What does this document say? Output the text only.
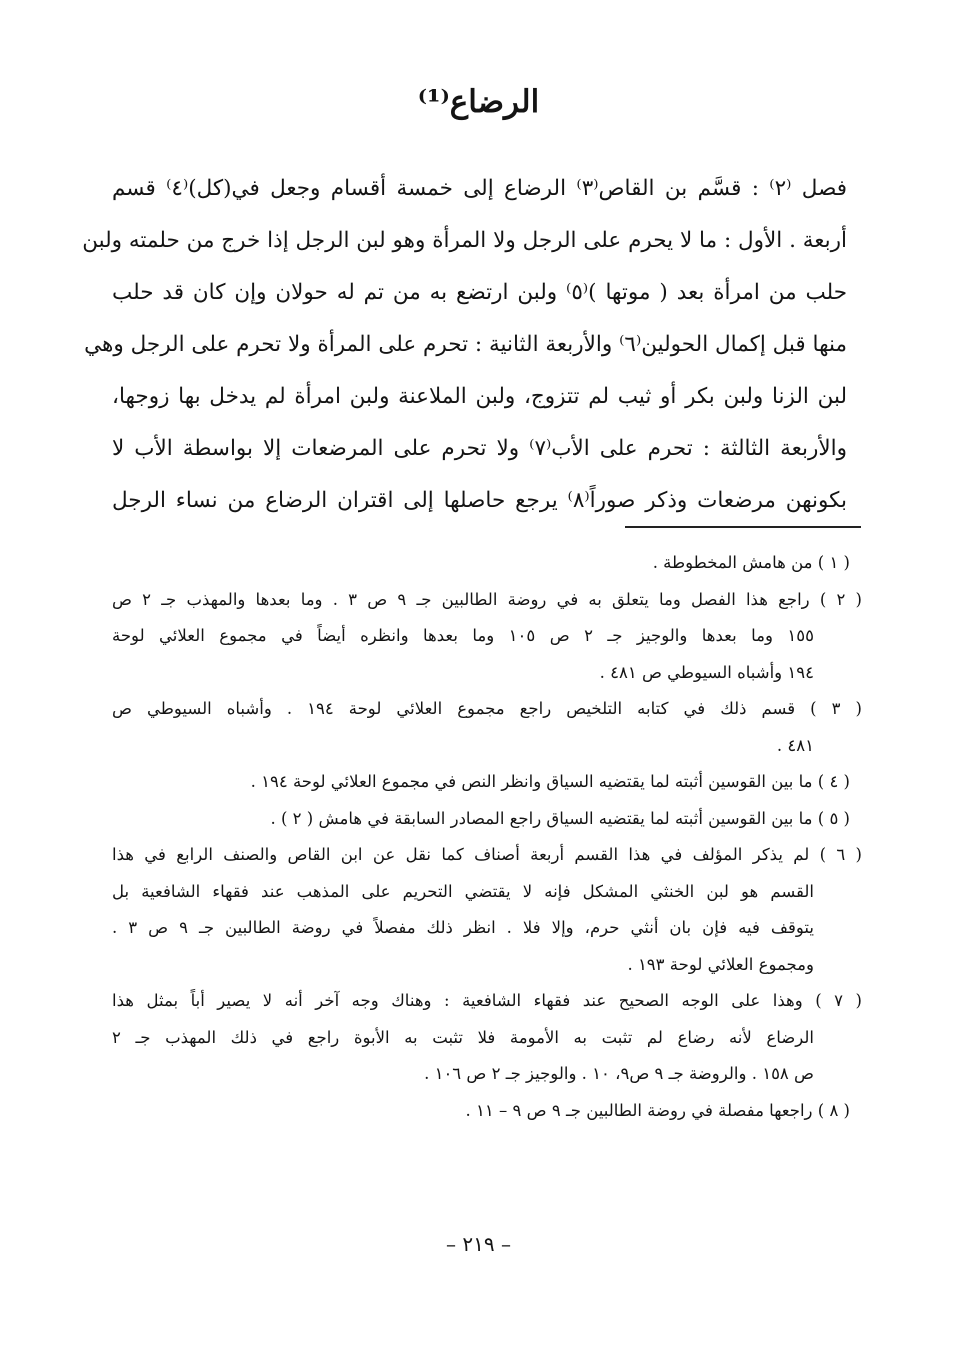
الرضاع⁽¹⁾
فصل ⁽٢⁾ : قسَّم بن القاص⁽٣⁾ الرضاع إلى خمسة أقسام وجعل في(كل)⁽٤⁾ قسم
أربعة . الأول : ما لا يحرم على الرجل ولا المرأة وهو لبن الرجل إذا خرج من حلمته ولبن
حلب من امرأة بعد ( موتها )⁽٥⁾ ولبن ارتضع به من تم له حولان وإن كان قد حلب
منها قبل إكمال الحولين⁽٦⁾ والأربعة الثانية : تحرم على المرأة ولا تحرم على الرجل وهي
لبن الزنا ولبن بكر أو ثيب لم تتزوج، ولبن الملاعنة ولبن امرأة لم يدخل بها زوجها،
والأربعة الثالثة : تحرم على الأب⁽٧⁾ ولا تحرم على المرضعات إلا بواسطة الأب لا
بكونهن مرضعات وذكر صوراً⁽٨⁾ يرجع حاصلها إلى اقتران الرضاع من نساء الرجل
( ١ ) من هامش المخطوطة .
( ٢ ) راجع هذا الفصل وما يتعلق به في روضة الطالبين جـ ٩ ص ٣ . وما بعدها والمهذب جـ ٢ ص
١٥٥ وما بعدها والوجيز جـ ٢ ص ١٠٥ وما بعدها وانظره أيضاً في مجموع العلائي لوحة
١٩٤ وأشباه السيوطي ص ٤٨١ .
( ٣ ) قسم ذلك في كتابه التلخيص راجع مجموع العلائي لوحة ١٩٤ . وأشباه السيوطي ص
٤٨١ .
( ٤ ) ما بين القوسين أثبته لما يقتضيه السياق وانظر النص في مجموع العلائي لوحة ١٩٤ .
( ٥ ) ما بين القوسين أثبته لما يقتضيه السياق راجع المصادر السابقة في هامش ( ٢ ) .
( ٦ ) لم يذكر المؤلف في هذا القسم أربعة أصناف كما نقل عن ابن القاص والصنف الرابع في هذا
القسم هو لبن الخنثي المشكل فإنه لا يقتضي التحريم على المذهب عند فقهاء الشافعية بل
يتوقف فيه فإن بان أنثي حرم، وإلا فلا . انظر ذلك مفصلاً في روضة الطالبين جـ ٩ ص ٣ .
ومجموع العلائي لوحة ١٩٣ .
( ٧ ) وهذا على الوجه الصحيح عند فقهاء الشافعية : وهناك وجه آخر أنه لا يصير أباً بمثل هذا
الرضاع لأنه رضاع لم تثبت به الأمومة فلا تثبت به الأبوة راجع في ذلك المهذب جـ ٢
ص ١٥٨ . والروضة جـ ٩ ص٩، ١٠ . والوجيز جـ ٢ ص ١٠٦ .
( ٨ ) راجعها مفصلة في روضة الطالبين جـ ٩ ص ٩ – ١١ .
– ٢١٩ –
